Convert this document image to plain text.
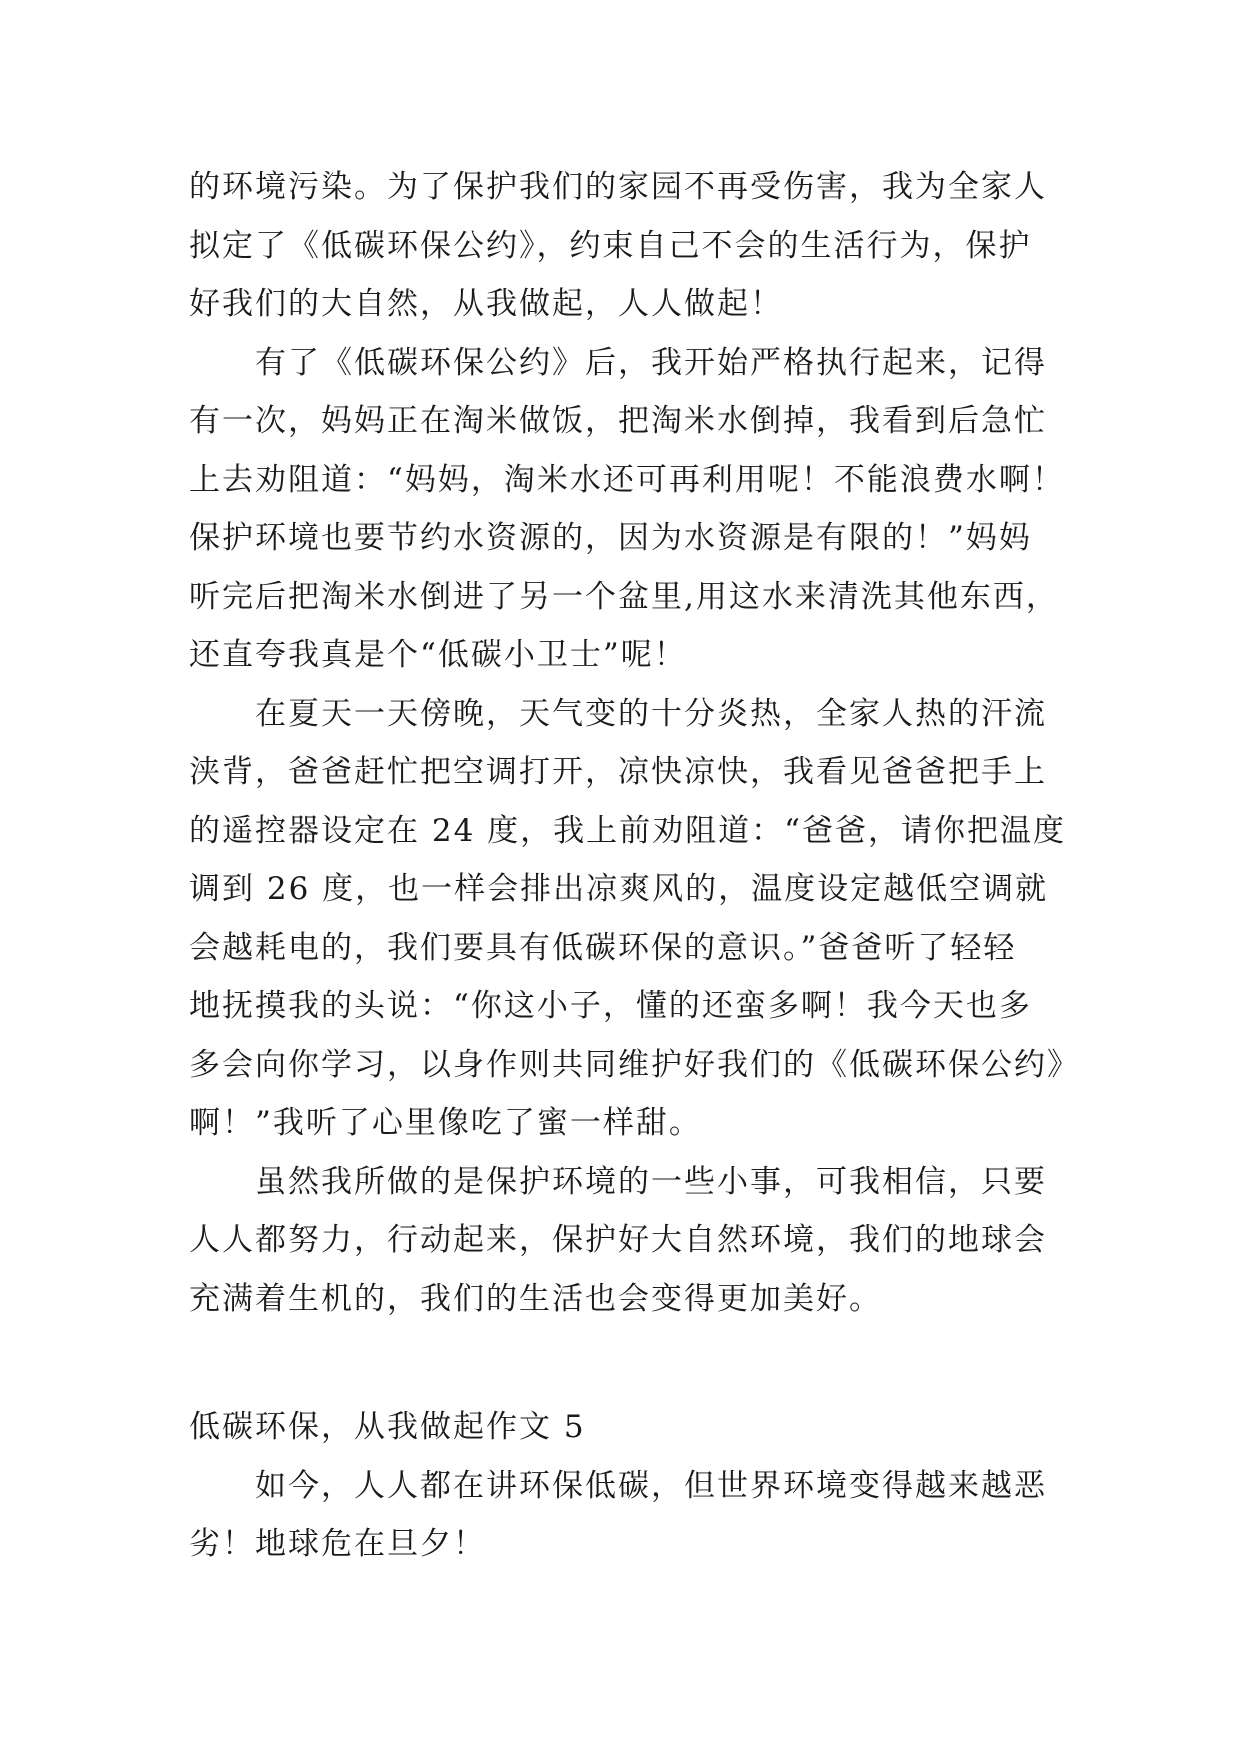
的环境污染。为了保护我们的家园不再受伤害，我为全家人
拟定了《低碳环保公约》，约束自己不会的生活行为，保护
好我们的大自然，从我做起，人人做起！

有了《低碳环保公约》后，我开始严格执行起来，记得
有一次，妈妈正在淘米做饭，把淘米水倒掉，我看到后急忙
上去劝阻道：“妈妈，淘米水还可再利用呢！不能浪费水啊！
保护环境也要节约水资源的，因为水资源是有限的！”妈妈
听完后把淘米水倒进了另一个盆里,用这水来清洗其他东西，
还直夸我真是个“低碳小卫士”呢！

在夏天一天傍晚，天气变的十分炎热，全家人热的汗流
浃背，爸爸赶忙把空调打开，凉快凉快，我看见爸爸把手上
的遥控器设定在 24 度，我上前劝阻道：“爸爸，请你把温度
调到 26 度，也一样会排出凉爽风的，温度设定越低空调就
会越耗电的，我们要具有低碳环保的意识。”爸爸听了轻轻
地抚摸我的头说：“你这小子，懂的还蛮多啊！我今天也多
多会向你学习，以身作则共同维护好我们的《低碳环保公约》
啊！”我听了心里像吃了蜜一样甜。

虽然我所做的是保护环境的一些小事，可我相信，只要
人人都努力，行动起来，保护好大自然环境，我们的地球会
充满着生机的，我们的生活也会变得更加美好。

低碳环保，从我做起作文 5

如今，人人都在讲环保低碳，但世界环境变得越来越恶
劣！地球危在旦夕！
